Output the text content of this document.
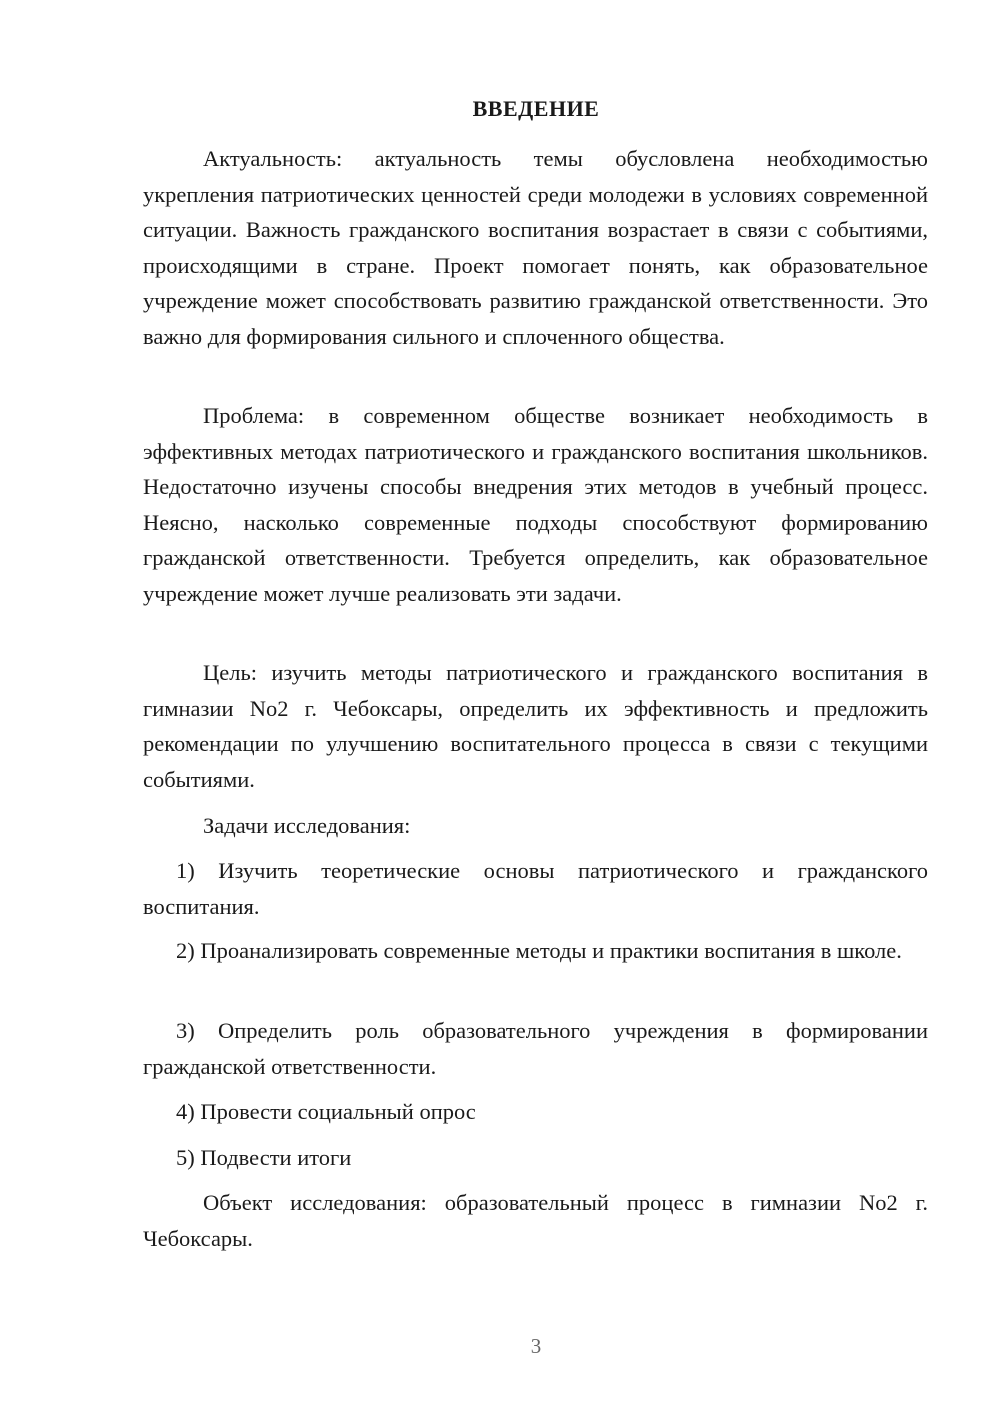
ВВЕДЕНИЕ
Актуальность: актуальность темы обусловлена необходимостью укрепления патриотических ценностей среди молодежи в условиях современной ситуации. Важность гражданского воспитания возрастает в связи с событиями, происходящими в стране. Проект помогает понять, как образовательное учреждение может способствовать развитию гражданской ответственности. Это важно для формирования сильного и сплоченного общества.
Проблема: в современном обществе возникает необходимость в эффективных методах патриотического и гражданского воспитания школьников. Недостаточно изучены способы внедрения этих методов в учебный процесс. Неясно, насколько современные подходы способствуют формированию гражданской ответственности. Требуется определить, как образовательное учреждение может лучше реализовать эти задачи.
Цель: изучить методы патриотического и гражданского воспитания в гимназии No2 г. Чебоксары, определить их эффективность и предложить рекомендации по улучшению воспитательного процесса в связи с текущими событиями.
Задачи исследования:
1) Изучить теоретические основы патриотического и гражданского воспитания.
2) Проанализировать современные методы и практики воспитания в школе.
3) Определить роль образовательного учреждения в формировании гражданской ответственности.
4) Провести социальный опрос
5) Подвести итоги
Объект исследования: образовательный процесс в гимназии No2 г. Чебоксары.
3
